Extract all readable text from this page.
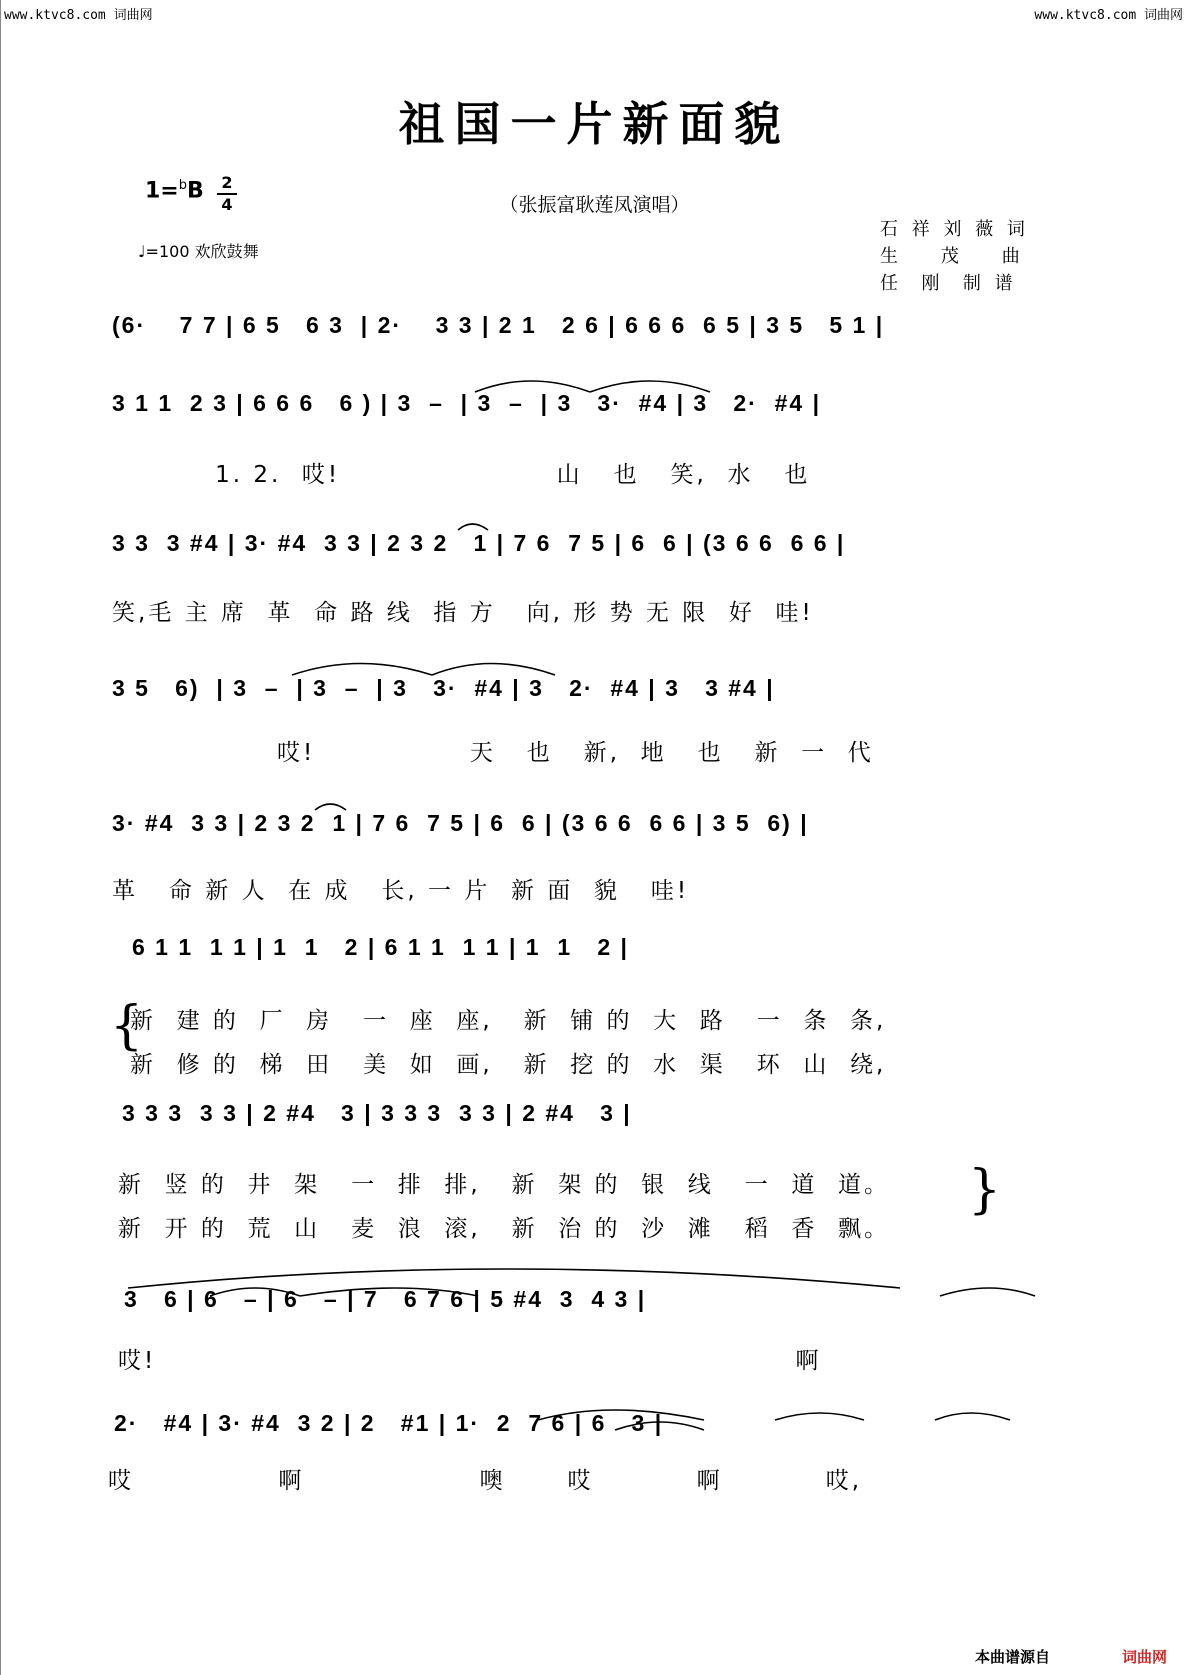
www.ktvc8.com 词曲网	www.ktvc8.com 词曲网
祖国一片新面貌
1=$^b$B 2
4	（张振富耿莲凤演唱）
♩=100 欢欣鼓舞
石 祥 刘 薇 词
生    茂    曲
任  刚  制 谱
(6·    7 7 | 6 5   6 3  | 2·    3 3 | 2 1   2 6 | 6 6 6  6 5 | 3 5   5 1 |
3 1 1  2 3 | 6 6 6   6 ) | 3  –  | 3  –  | 3   3·  #4 | 3   2·  #4 |
1. 2.  哎!                     山   也   笑,  水   也
3 3  3 #4 | 3· #4  3 3 | 2 3 2   1 | 7 6  7 5 | 6  6 | (3 6 6  6 6 |
笑,毛 主 席  革  命 路 线  指 方   向, 形 势 无 限  好  哇!
3 5   6)  | 3  –  | 3  –  | 3   3·  #4 | 3   2·  #4 | 3   3 #4 |
哎!               天   也   新,  地   也   新  一  代
3· #4  3 3 | 2 3 2  1 | 7 6  7 5 | 6  6 | (3 6 6  6 6 | 3 5  6) |
革   命 新 人  在 成   长, 一 片  新 面  貌   哇!
6 1 1  1 1 | 1  1   2 | 6 1 1  1 1 | 1  1   2 |
{
新  建 的  厂  房   一  座  座,   新  铺 的  大  路   一  条  条,
新  修 的  梯  田   美  如  画,   新  挖 的  水  渠   环  山  绕,
3 3 3  3 3 | 2 #4   3 | 3 3 3  3 3 | 2 #4   3 |
新  竖 的  井  架   一  排  排,   新  架 的  银  线   一  道  道。
新  开 的  荒  山   麦  浪  滚,   新  治 的  沙  滩   稻  香  飘。
}
3   6 | 6   – | 6   – | 7   6 7 6 | 5 #4  3  4 3 |
哎!                                                              啊
2·   #4 | 3· #4  3 2 | 2   #1 | 1·  2  7 6 | 6   3 |
哎              啊                 噢      哎          啊          哎,
本曲谱源自	词曲网
